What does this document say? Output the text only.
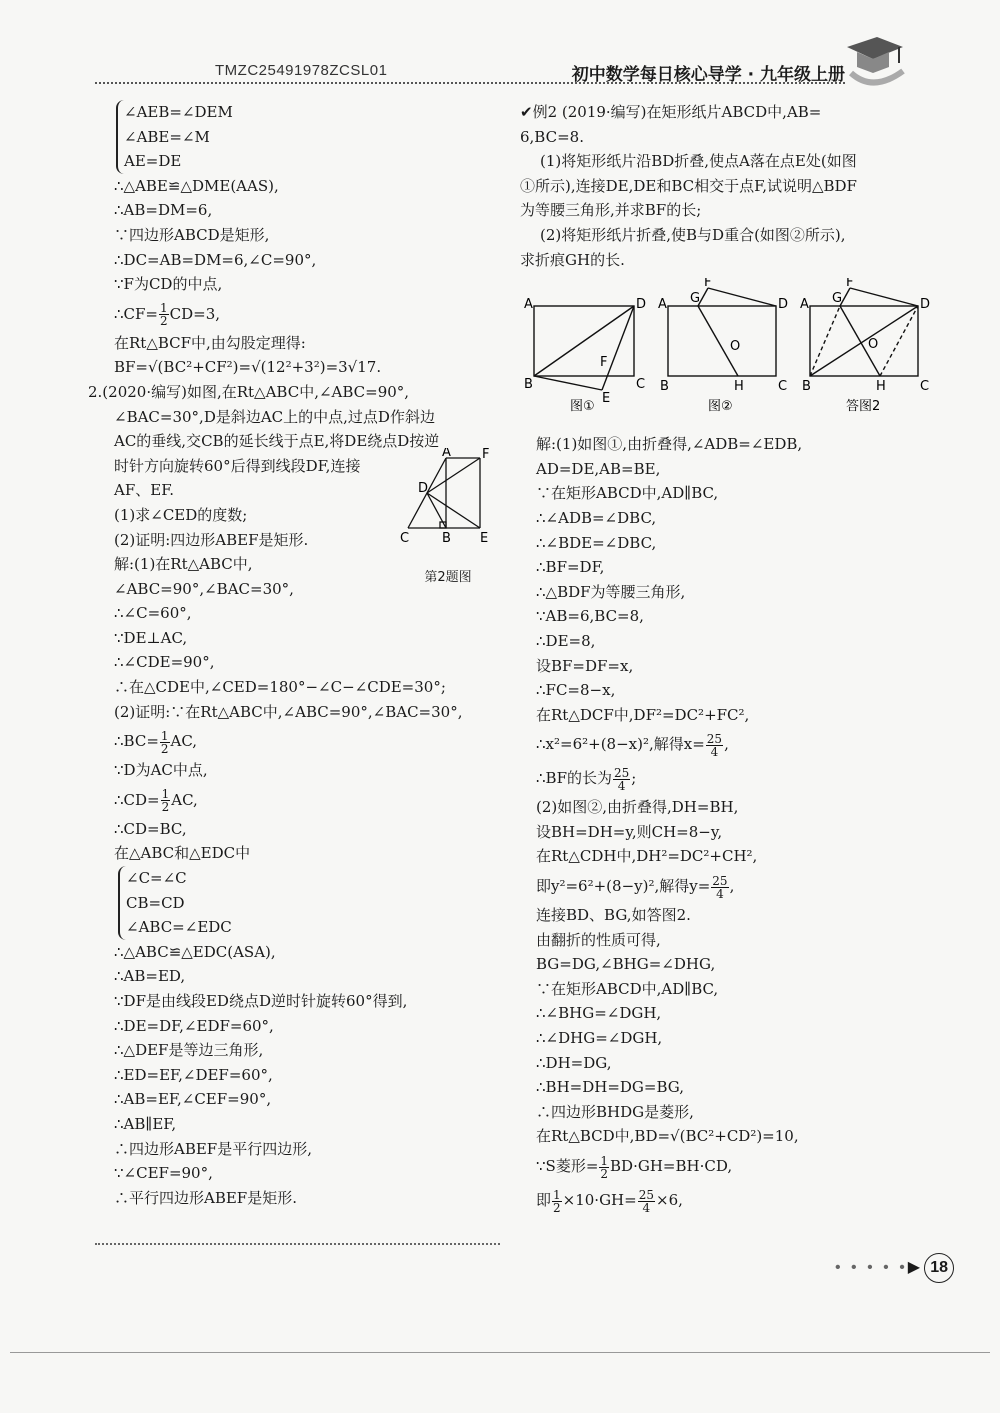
TMZC25491978ZCSL01	初中数学每日核心导学 · 九年级上册
∠AEB=∠DEM
∠ABE=∠M
AE=DE
∴△ABE≌△DME(AAS),
∴AB=DM=6,
∵四边形ABCD是矩形,
∴DC=AB=DM=6,∠C=90°,
∵F为CD的中点,
∴CF= $\frac{1}{2} CD=3$,
在Rt△BCF中,由勾股定理得:
BF=√(BC²+CF²)=√(12²+3²)=3√17.
2.(2020·编写)如图,在Rt△ABC中,∠ABC=90°,
∠BAC=30°,D是斜边AC上的中点,过点D作斜边
AC的垂线,交CB的延长线于点E,将DE绕点D按逆
时针方向旋转60°后得到线段DF,连接
AF、EF.
(1)求∠CED的度数;
(2)证明:四边形ABEF是矩形.
A F
D
C	B E
第2题图
解:(1)在Rt△ABC中,
∠ABC=90°,∠BAC=30°,
∴∠C=60°,
∵DE⊥AC,
∴∠CDE=90°,
∴在△CDE中,∠CED=180°−∠C−∠CDE=30°;
(2)证明:∵在Rt△ABC中,∠ABC=90°,∠BAC=30°,
∴BC= $\frac{1}{2}$ AC,
∵D为AC中点,
∴CD= $\frac{1}{2}$ AC,
∴CD=BC,
在△ABC和△EDC中
∠C=∠C
CB=CD
∠ABC=∠EDC
∴△ABC≌△EDC(ASA),
∴AB=ED,
∵DF是由线段ED绕点D逆时针旋转60°得到,
∴DE=DF,∠EDF=60°,
∴△DEF是等边三角形,
∴ED=EF,∠DEF=60°,
∴AB=EF,∠CEF=90°,
∴AB∥EF,
∴四边形ABEF是平行四边形,
∵∠CEF=90°,
∴平行四边形ABEF是矩形.
✔例2 (2019·编写)在矩形纸片ABCD中,AB=
6,BC=8.
(1)将矩形纸片沿BD折叠,使点A落在点E处(如图
①所示),连接DE,DE和BC相交于点F,试说明△BDF
为等腰三角形,并求BF的长;
(2)将矩形纸片折叠,使B与D重合(如图②所示),
求折痕GH的长.
A	D
B	C
E
F
A G
F
D
O
B	H	C
A G
F
D
O
B	H	C
图①	图②	答图2
解:(1)如图①,由折叠得,∠ADB=∠EDB,
AD=DE,AB=BE,
∵在矩形ABCD中,AD∥BC,
∴∠ADB=∠DBC,
∴∠BDE=∠DBC,
∴BF=DF,
∴△BDF为等腰三角形,
∵AB=6,BC=8,
∴DE=8,
设BF=DF=x,
∴FC=8−x,
在Rt△DCF中,DF²=DC²+FC²,
∴x²=6²+(8−x)²,解得$x= \frac{25}{4}$ ,
∴BF的长为 $\frac{25}{4}$ ;
(2)如图②,由折叠得,DH=BH,
设BH=DH=y,则CH=8−y,
在Rt△CDH中,DH²=DC²+CH²,
即y²=6²+(8−y)²,解得$y= \frac{25}{4}$ ,
连接BD、BG,如答图2.
由翻折的性质可得,
BG=DG,∠BHG=∠DHG,
∵在矩形ABCD中,AD∥BC,
∴∠BHG=∠DGH,
∴∠DHG=∠DGH,
∴DH=DG,
∴BH=DH=DG=BG,
∴四边形BHDG是菱形,
在Rt△BCD中,BD=√(BC²+CD²)=10,
∵S菱形= $\frac{1}{2} BD\cdot GH=BH\cdot CD$,
即 $\frac{1}{2} \times 10\cdot GH= \frac{25}{4} \times 6$,
• • • • •▶ 18
